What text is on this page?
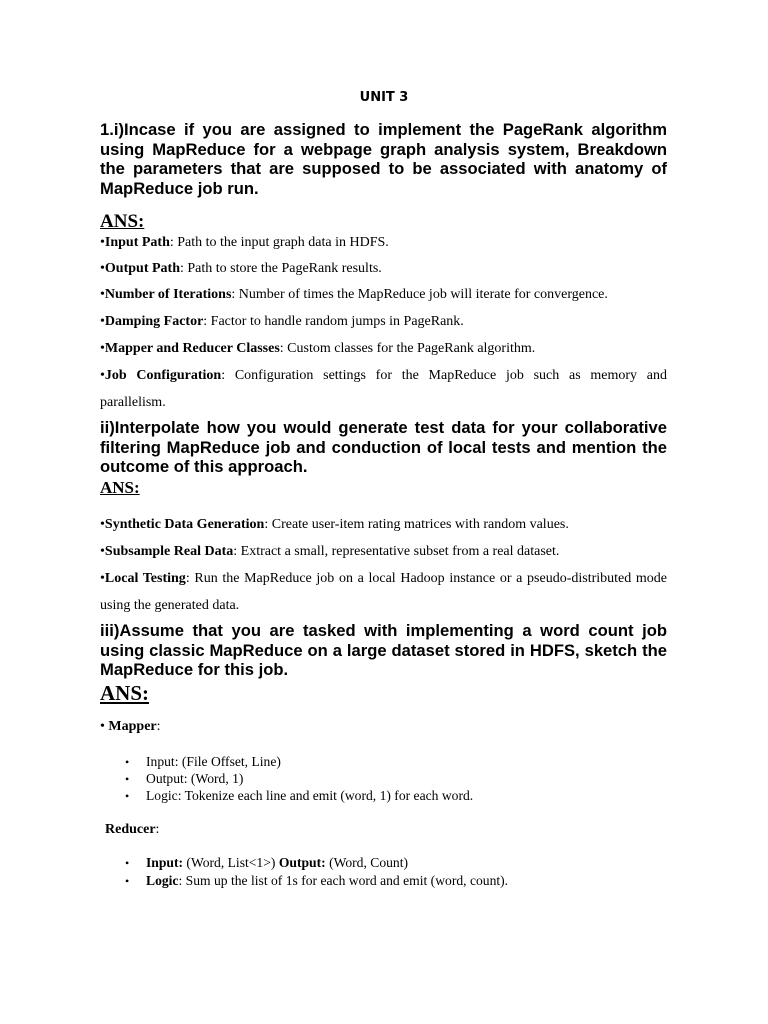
UNIT 3

1.i)Incase if you are assigned to implement the PageRank algorithm using MapReduce for a webpage graph analysis system, Breakdown the parameters that are supposed to be associated with anatomy of MapReduce job run.

ANS:

•Input Path: Path to the input graph data in HDFS.

•Output Path: Path to store the PageRank results.

•Number of Iterations: Number of times the MapReduce job will iterate for convergence.

•Damping Factor: Factor to handle random jumps in PageRank.

•Mapper and Reducer Classes: Custom classes for the PageRank algorithm.

•Job Configuration: Configuration settings for the MapReduce job such as memory and parallelism.

ii)Interpolate how you would generate test data for your collaborative filtering MapReduce job and conduction of local tests and mention the outcome of this approach.

ANS:

•Synthetic Data Generation: Create user-item rating matrices with random values.

•Subsample Real Data: Extract a small, representative subset from a real dataset.

•Local Testing: Run the MapReduce job on a local Hadoop instance or a pseudo-distributed mode using the generated data.

iii)Assume that you are tasked with implementing a word count job using classic MapReduce on a large dataset stored in HDFS, sketch the MapReduce for this job.

ANS:

• Mapper:

• Input: (File Offset, Line)

• Output: (Word, 1)

• Logic: Tokenize each line and emit (word, 1) for each word.

Reducer:

• Input: (Word, List<1>) Output: (Word, Count)

• Logic: Sum up the list of 1s for each word and emit (word, count).
